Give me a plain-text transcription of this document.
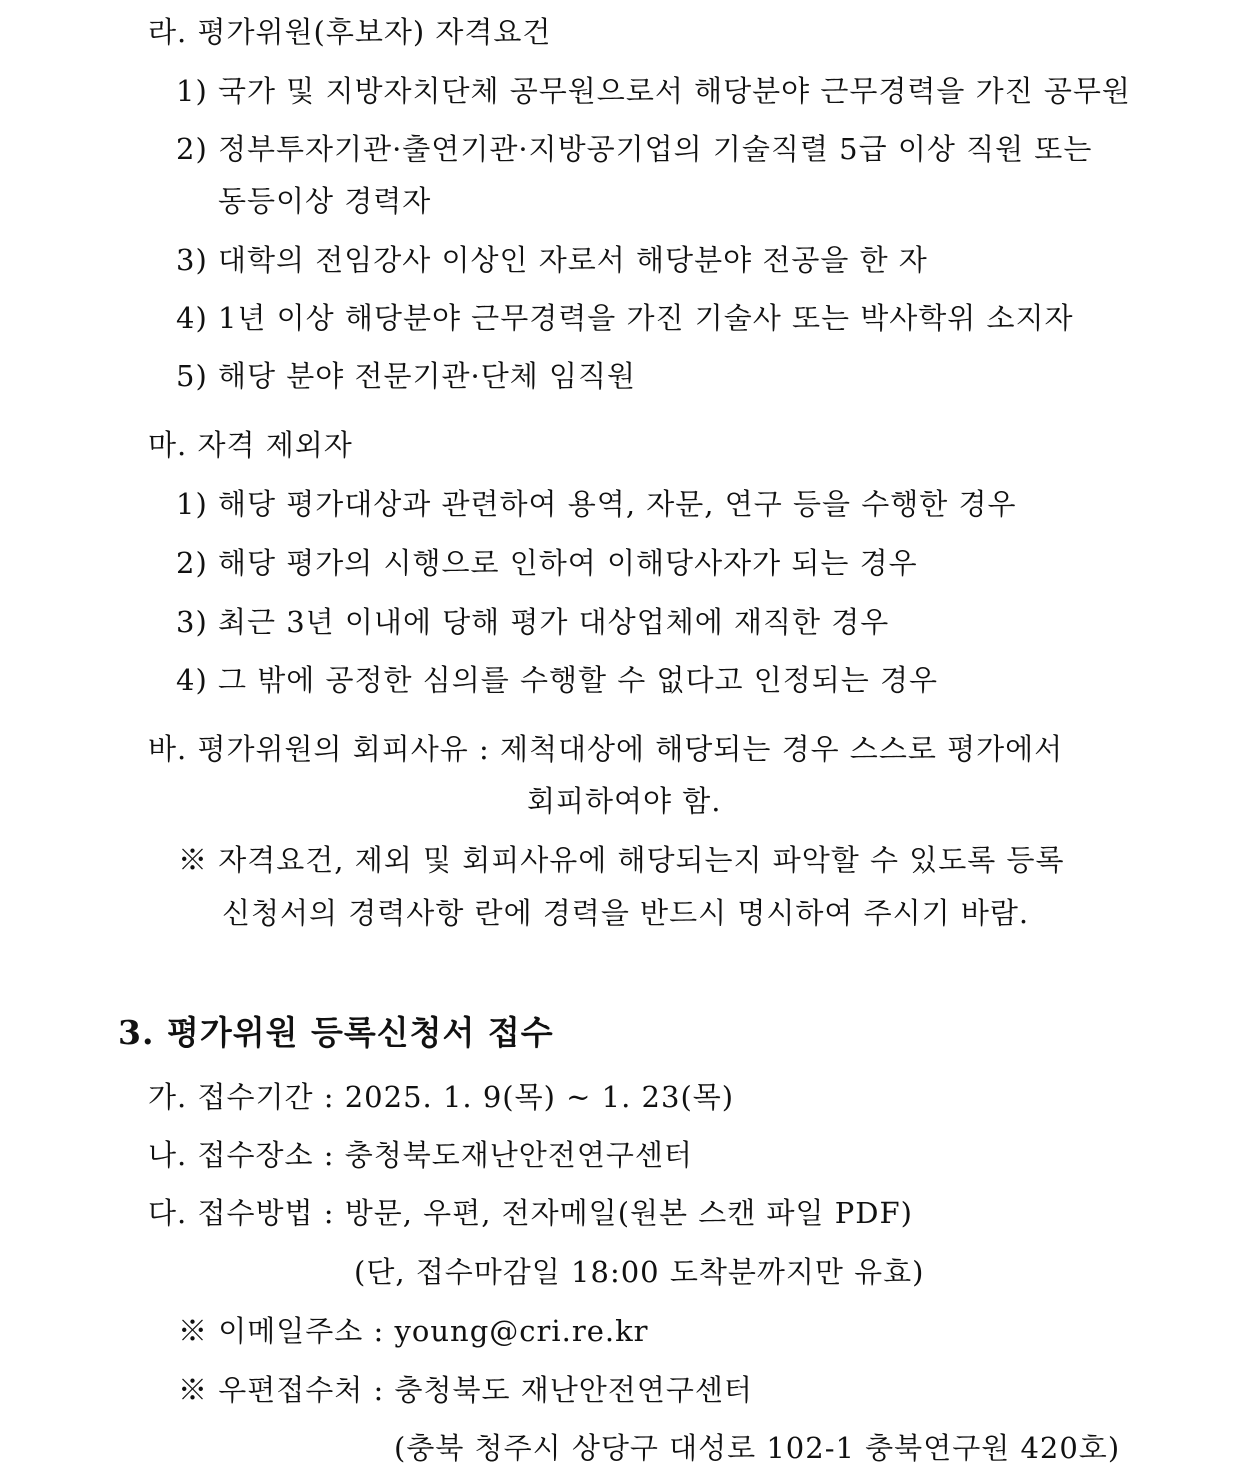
라. 평가위원(후보자) 자격요건
1) 국가 및 지방자치단체 공무원으로서 해당분야 근무경력을 가진 공무원
2) 정부투자기관·출연기관·지방공기업의 기술직렬 5급 이상 직원 또는
동등이상 경력자
3) 대학의 전임강사 이상인 자로서 해당분야 전공을 한 자
4) 1년 이상 해당분야 근무경력을 가진 기술사 또는 박사학위 소지자
5) 해당 분야 전문기관·단체 임직원
마. 자격 제외자
1) 해당 평가대상과 관련하여 용역, 자문, 연구 등을 수행한 경우
2) 해당 평가의 시행으로 인하여 이해당사자가 되는 경우
3) 최근 3년 이내에 당해 평가 대상업체에 재직한 경우
4) 그 밖에 공정한 심의를 수행할 수 없다고 인정되는 경우
바. 평가위원의 회피사유 : 제척대상에 해당되는 경우 스스로 평가에서
회피하여야 함.
※ 자격요건, 제외 및 회피사유에 해당되는지 파악할 수 있도록 등록
신청서의 경력사항 란에 경력을 반드시 명시하여 주시기 바람.
3. 평가위원 등록신청서 접수
가. 접수기간 : 2025. 1. 9(목) ~ 1. 23(목)
나. 접수장소 : 충청북도재난안전연구센터
다. 접수방법 : 방문, 우편, 전자메일(원본 스캔 파일 PDF)
(단, 접수마감일 18:00 도착분까지만 유효)
※ 이메일주소 : young@cri.re.kr
※ 우편접수처 : 충청북도 재난안전연구센터
(충북 청주시 상당구 대성로 102-1 충북연구원 420호)
